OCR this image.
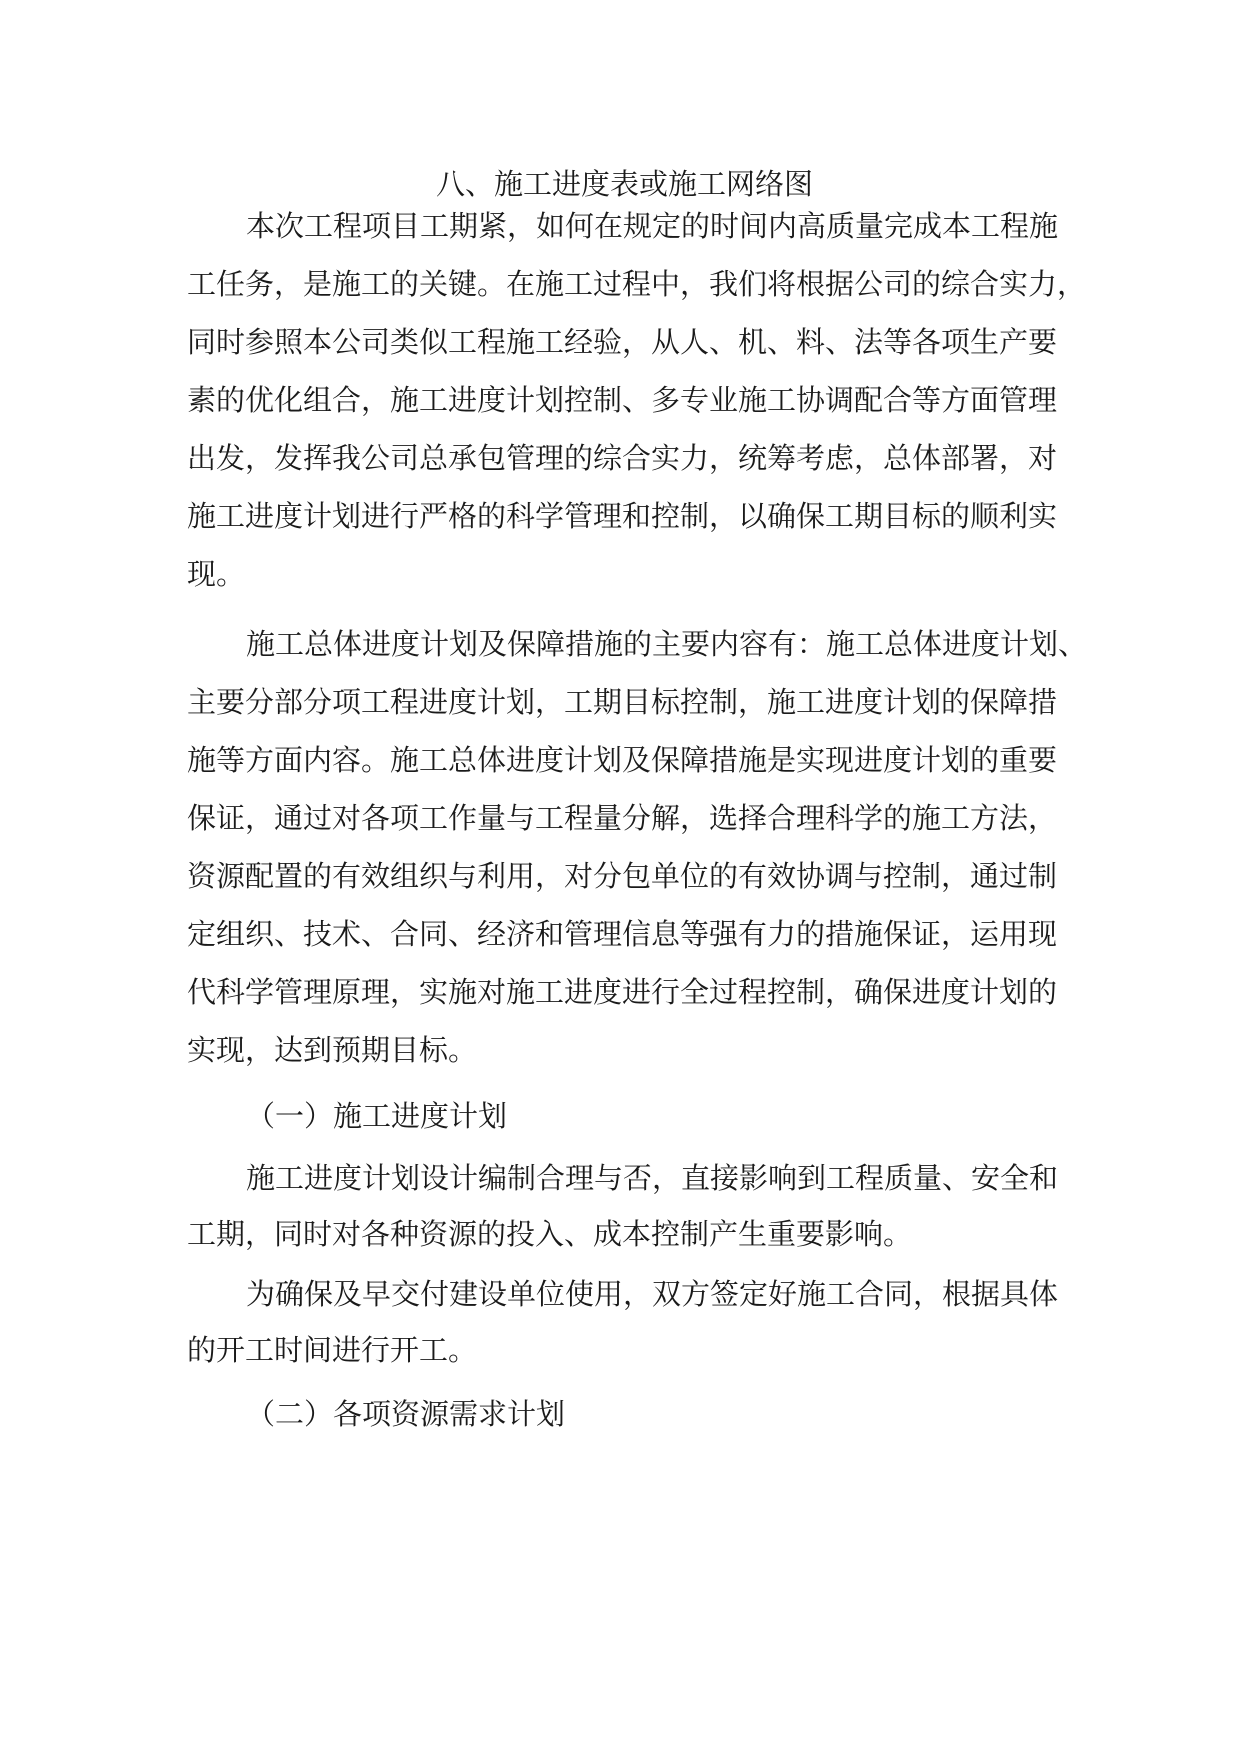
八、施工进度表或施工网络图
本次工程项目工期紧，如何在规定的时间内高质量完成本工程施
工任务，是施工的关键。在施工过程中，我们将根据公司的综合实力，
同时参照本公司类似工程施工经验，从人、机、料、法等各项生产要
素的优化组合，施工进度计划控制、多专业施工协调配合等方面管理
出发，发挥我公司总承包管理的综合实力，统筹考虑，总体部署，对
施工进度计划进行严格的科学管理和控制，以确保工期目标的顺利实
现。
施工总体进度计划及保障措施的主要内容有：施工总体进度计划、
主要分部分项工程进度计划，工期目标控制，施工进度计划的保障措
施等方面内容。施工总体进度计划及保障措施是实现进度计划的重要
保证，通过对各项工作量与工程量分解，选择合理科学的施工方法，
资源配置的有效组织与利用，对分包单位的有效协调与控制，通过制
定组织、技术、合同、经济和管理信息等强有力的措施保证，运用现
代科学管理原理，实施对施工进度进行全过程控制，确保进度计划的
实现，达到预期目标。
（一）施工进度计划
施工进度计划设计编制合理与否，直接影响到工程质量、安全和
工期，同时对各种资源的投入、成本控制产生重要影响。
为确保及早交付建设单位使用，双方签定好施工合同，根据具体
的开工时间进行开工。
（二）各项资源需求计划
